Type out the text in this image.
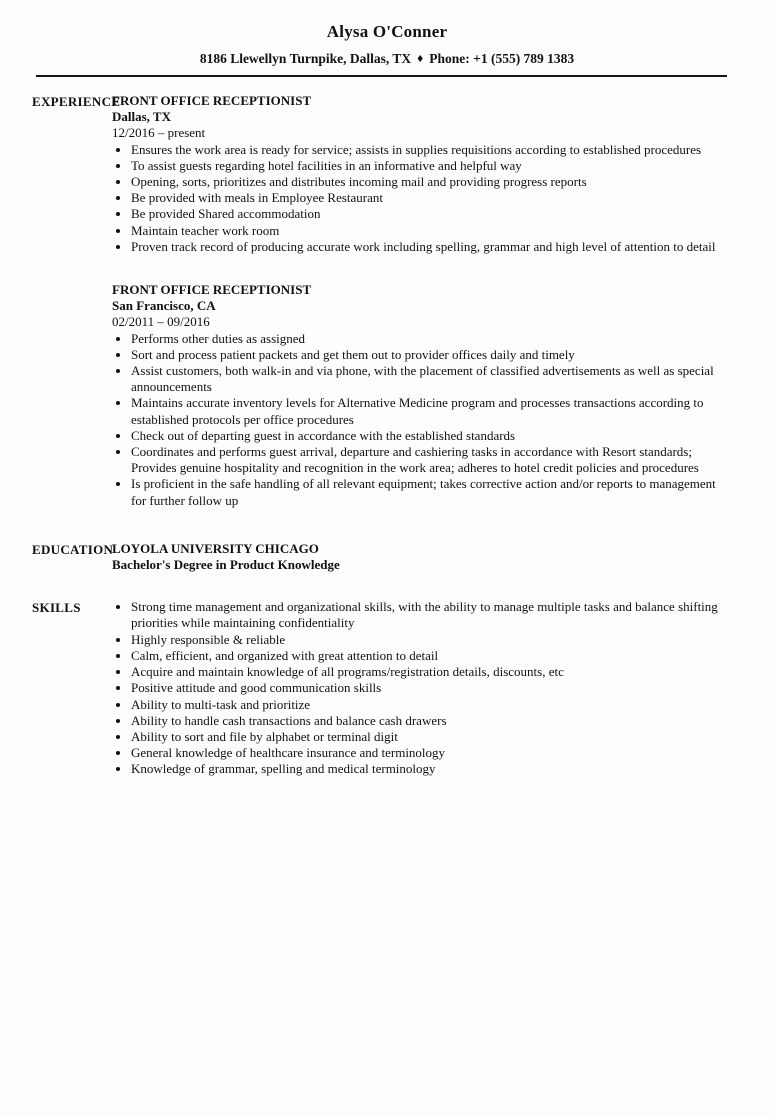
Alysa O'Conner
8186 Llewellyn Turnpike, Dallas, TX ♦ Phone: +1 (555) 789 1383
EXPERIENCE
FRONT OFFICE RECEPTIONIST
Dallas, TX
12/2016 – present
• Ensures the work area is ready for service; assists in supplies requisitions according to established procedures
• To assist guests regarding hotel facilities in an informative and helpful way
• Opening, sorts, prioritizes and distributes incoming mail and providing progress reports
• Be provided with meals in Employee Restaurant
• Be provided Shared accommodation
• Maintain teacher work room
• Proven track record of producing accurate work including spelling, grammar and high level of attention to detail
FRONT OFFICE RECEPTIONIST
San Francisco, CA
02/2011 – 09/2016
• Performs other duties as assigned
• Sort and process patient packets and get them out to provider offices daily and timely
• Assist customers, both walk-in and via phone, with the placement of classified advertisements as well as special announcements
• Maintains accurate inventory levels for Alternative Medicine program and processes transactions according to established protocols per office procedures
• Check out of departing guest in accordance with the established standards
• Coordinates and performs guest arrival, departure and cashiering tasks in accordance with Resort standards; Provides genuine hospitality and recognition in the work area; adheres to hotel credit policies and procedures
• Is proficient in the safe handling of all relevant equipment; takes corrective action and/or reports to management for further follow up
EDUCATION
LOYOLA UNIVERSITY CHICAGO
Bachelor's Degree in Product Knowledge
SKILLS	• Strong time management and organizational skills, with the ability to manage multiple tasks and balance shifting priorities while maintaining confidentiality
• Highly responsible & reliable
• Calm, efficient, and organized with great attention to detail
• Acquire and maintain knowledge of all programs/registration details, discounts, etc
• Positive attitude and good communication skills
• Ability to multi-task and prioritize
• Ability to handle cash transactions and balance cash drawers
• Ability to sort and file by alphabet or terminal digit
• General knowledge of healthcare insurance and terminology
• Knowledge of grammar, spelling and medical terminology
